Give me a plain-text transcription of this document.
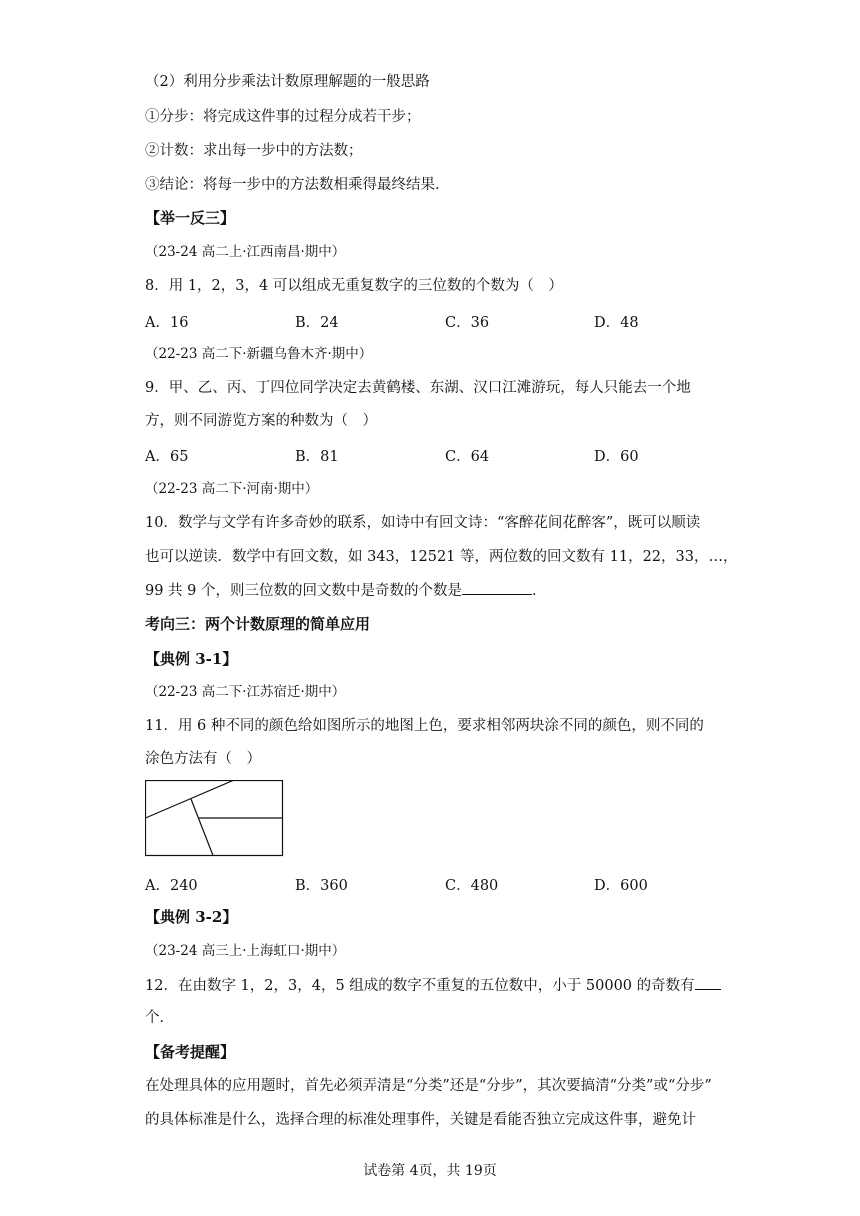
（2）利用分步乘法计数原理解题的一般思路
①分步：将完成这件事的过程分成若干步；
②计数：求出每一步中的方法数；
③结论：将每一步中的方法数相乘得最终结果．
【举一反三】
（23-24 高二上·江西南昌·期中）
8．用 1，2，3，4 可以组成无重复数字的三位数的个数为（　）
A．16	B．24	C．36	D．48
（22-23 高二下·新疆乌鲁木齐·期中）
9．甲、乙、丙、丁四位同学决定去黄鹤楼、东湖、汉口江滩游玩，每人只能去一个地
方，则不同游览方案的种数为（　）
A．65	B．81	C．64	D．60
（22-23 高二下·河南·期中）
10．数学与文学有许多奇妙的联系，如诗中有回文诗：“客醉花间花醉客”，既可以顺读
也可以逆读．数学中有回文数，如 343，12521 等，两位数的回文数有 11，22，33，…，
99 共 9 个，则三位数的回文数中是奇数的个数是	．
考向三：两个计数原理的简单应用
【典例 3-1】
（22-23 高二下·江苏宿迁·期中）
11．用 6 种不同的颜色给如图所示的地图上色，要求相邻两块涂不同的颜色，则不同的
涂色方法有（　）
A．240	B．360	C．480	D．600
【典例 3-2】
（23-24 高三上·上海虹口·期中）
12．在由数字 1，2，3，4，5 组成的数字不重复的五位数中，小于 50000 的奇数有
个．
【备考提醒】
在处理具体的应用题时，首先必须弄清是“分类”还是“分步”，其次要搞清“分类”或“分步”
的具体标准是什么，选择合理的标准处理事件，关键是看能否独立完成这件事，避免计
试卷第 4页，共 19页
